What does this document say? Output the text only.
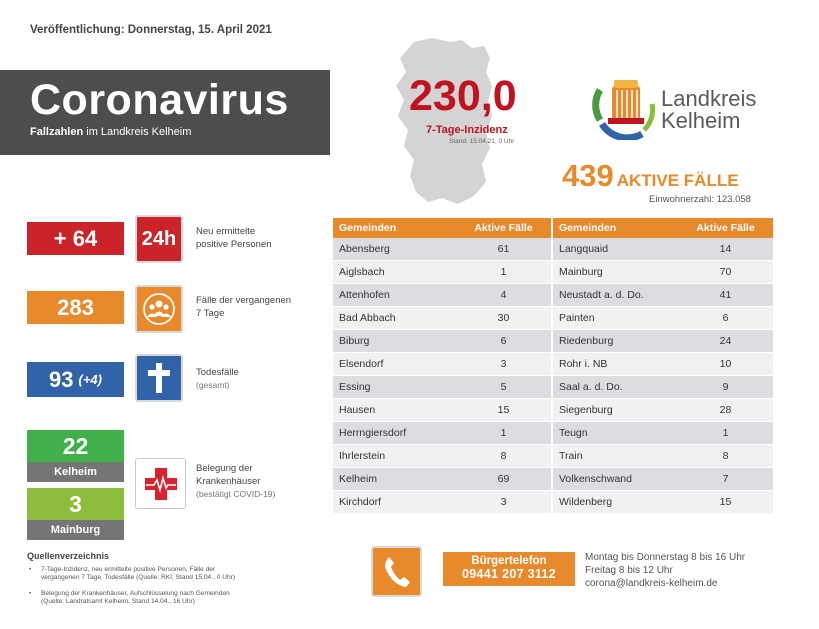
Veröffentlichung: Donnerstag, 15. April 2021
Coronavirus
Fallzahlen im Landkreis Kelheim
230,0
7-Tage-Inzidenz
Stand: 15.04.21, 0 Uhr
Landkreis
Kelheim
439 AKTIVE FÄLLE
Einwohnerzahl: 123.058
+ 64	24h	Neu ermittelte
positive Personen
283	Fälle der vergangenen
7 Tage
93 (+4)	Todesfälle
(gesamt)
22
Kelheim
3
Mainburg
Belegung der
Krankenhäuser
(bestätigt COVID-19)
Quellenverzeichnis
• 7-Tage-Inzidenz, neu ermittelte positive Personen, Fälle der vergangenen 7 Tage, Todesfälle (Quelle: RKI, Stand 15.04., 0 Uhr)
• Belegung der Krankenhäuser, Aufschlüsselung nach Gemeinden (Quelle: Landratsamt Kelheim, Stand 14.04., 16 Uhr)
Gemeinden	Aktive Fälle		Gemeinden	Aktive Fälle
Abensberg	61		Langquaid	14
Aiglsbach	1		Mainburg	70
Attenhofen	4		Neustadt a. d. Do.	41
Bad Abbach	30		Painten	6
Biburg	6		Riedenburg	24
Elsendorf	3		Rohr i. NB	10
Essing	5		Saal a. d. Do.	9
Hausen	15		Siegenburg	28
Herrngiersdorf	1		Teugn	1
Ihrlerstein	8		Train	8
Kelheim	69		Volkenschwand	7
Kirchdorf	3		Wildenberg	15
Bürgertelefon
09441 207 3112
Montag bis Donnerstag 8 bis 16 Uhr
Freitag 8 bis 12 Uhr
corona@landkreis-kelheim.de
